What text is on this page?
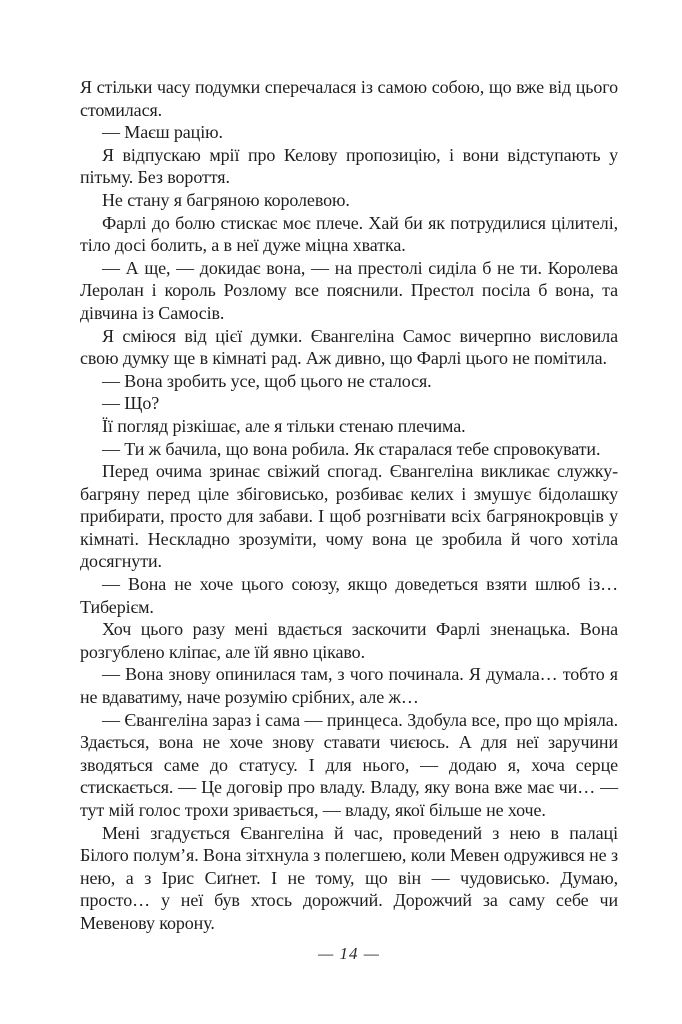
Я стільки часу подумки сперечалася із самою собою, що вже від цього стомилася.

— Маєш рацію.

Я відпускаю мрії про Келову пропозицію, і вони відступають у пітьму. Без вороття.

Не стану я багряною королевою.

Фарлі до болю стискає моє плече. Хай би як потрудилися цілителі, тіло досі болить, а в неї дуже міцна хватка.

— А ще, — докидає вона, — на престолі сиділа б не ти. Королева Леролан і король Розлому все пояснили. Престол посіла б вона, та дівчина із Самосів.

Я сміюся від цієї думки. Євангеліна Самос вичерпно висловила свою думку ще в кімнаті рад. Аж дивно, що Фарлі цього не помітила.

— Вона зробить усе, щоб цього не сталося.

— Що?

Її погляд різкішає, але я тільки стенаю плечима.

— Ти ж бачила, що вона робила. Як старалася тебе спровокувати.

Перед очима зринає свіжий спогад. Євангеліна викликає служку-багряну перед ціле збіговисько, розбиває келих і змушує бідолашку прибирати, просто для забави. І щоб розгнівати всіх багрянокровців у кімнаті. Нескладно зрозуміти, чому вона це зробила й чого хотіла досягнути.

— Вона не хоче цього союзу, якщо доведеться взяти шлюб із… Тиберієм.

Хоч цього разу мені вдається заскочити Фарлі зненацька. Вона розгублено кліпає, але їй явно цікаво.

— Вона знову опинилася там, з чого починала. Я думала… тобто я не вдаватиму, наче розумію срібних, але ж…

— Євангеліна зараз і сама — принцеса. Здобула все, про що мріяла. Здається, вона не хоче знову ставати чиєюсь. А для неї заручини зводяться саме до статусу. І для нього, — додаю я, хоча серце стискається. — Це договір про владу. Владу, яку вона вже має чи… — тут мій голос трохи зривається, — владу, якої більше не хоче.

Мені згадується Євангеліна й час, проведений з нею в палаці Білого полум’я. Вона зітхнула з полегшею, коли Мевен одружився не з нею, а з Ірис Сиґнет. І не тому, що він — чудовисько. Думаю, просто… у неї був хтось дорожчий. Дорожчий за саму себе чи Мевенову корону.

— 14 —
